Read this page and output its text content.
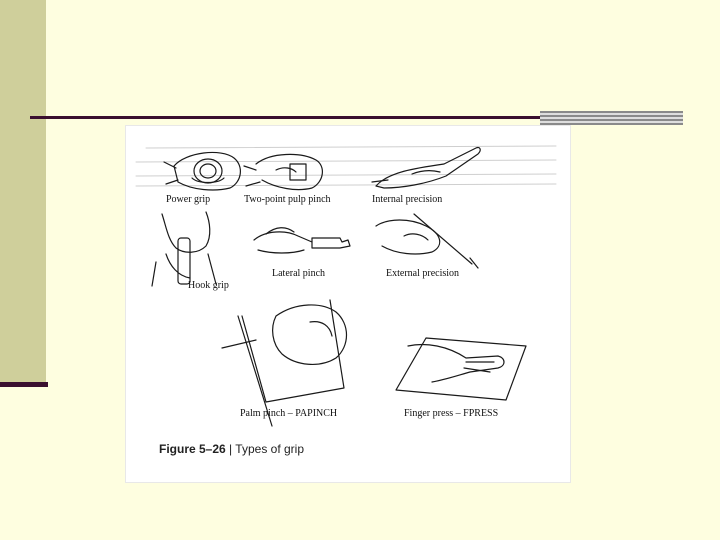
Power grip	Two-point pulp pinch	Internal precision
Hook grip
Lateral pinch	External precision
Palm pinch – PAPINCH	Finger press – FPRESS
Figure 5–26 | Types of grip
